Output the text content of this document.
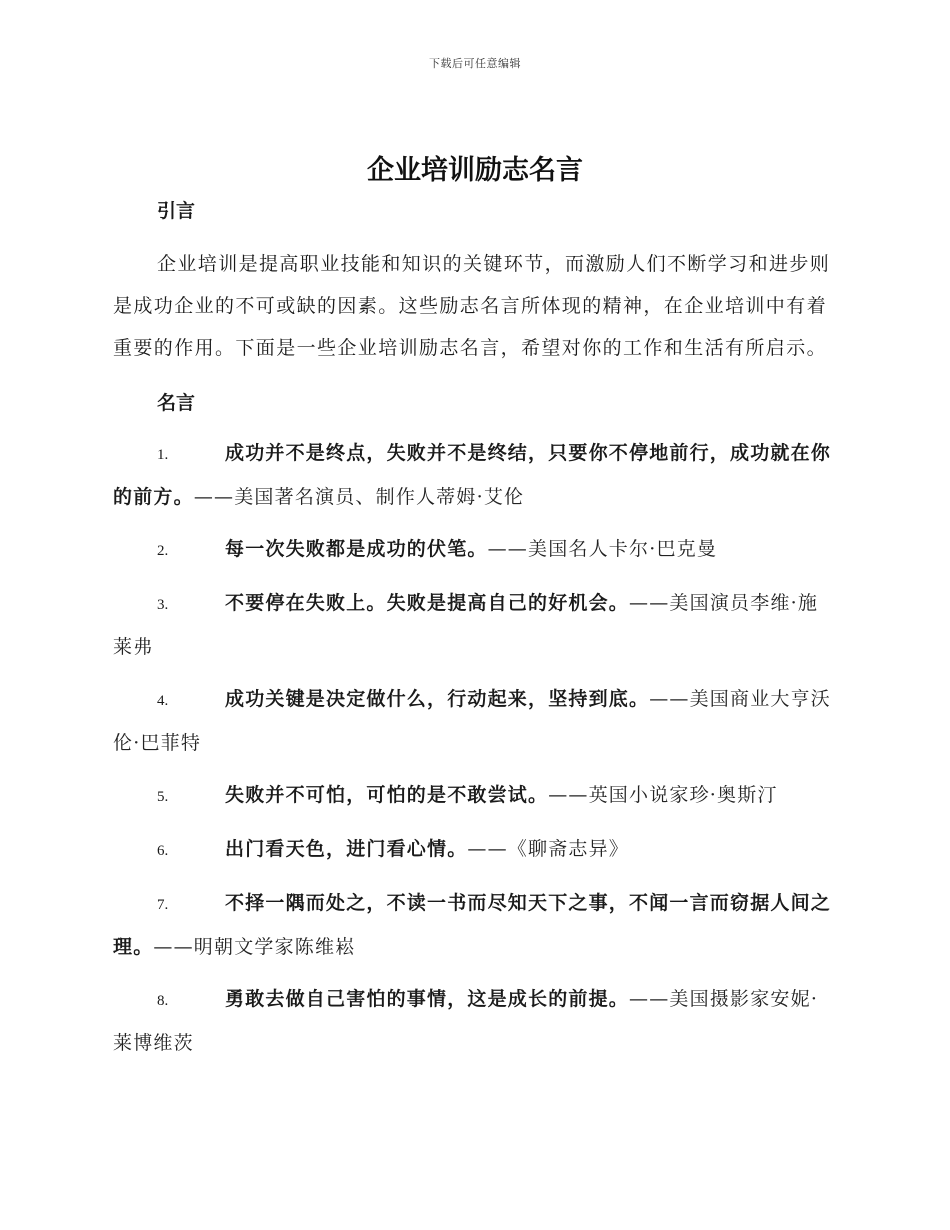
下载后可任意编辑
企业培训励志名言
引言

企业培训是提高职业技能和知识的关键环节，而激励人们不断学习和进步则是成功企业的不可或缺的因素。这些励志名言所体现的精神，在企业培训中有着重要的作用。下面是一些企业培训励志名言，希望对你的工作和生活有所启示。

名言
1.	成功并不是终点，失败并不是终结，只要你不停地前行，成功就在你的前方。——美国著名演员、制作人蒂姆·艾伦
2.	每一次失败都是成功的伏笔。——美国名人卡尔·巴克曼
3.	不要停在失败上。失败是提高自己的好机会。——美国演员李维·施莱弗
4.	成功关键是决定做什么，行动起来，坚持到底。——美国商业大亨沃伦·巴菲特
5.	失败并不可怕，可怕的是不敢尝试。——英国小说家珍·奥斯汀
6.	出门看天色，进门看心情。——《聊斋志异》
7.	不择一隅而处之，不读一书而尽知天下之事，不闻一言而窃据人间之理。——明朝文学家陈维崧
8.	勇敢去做自己害怕的事情，这是成长的前提。——美国摄影家安妮·莱博维茨
